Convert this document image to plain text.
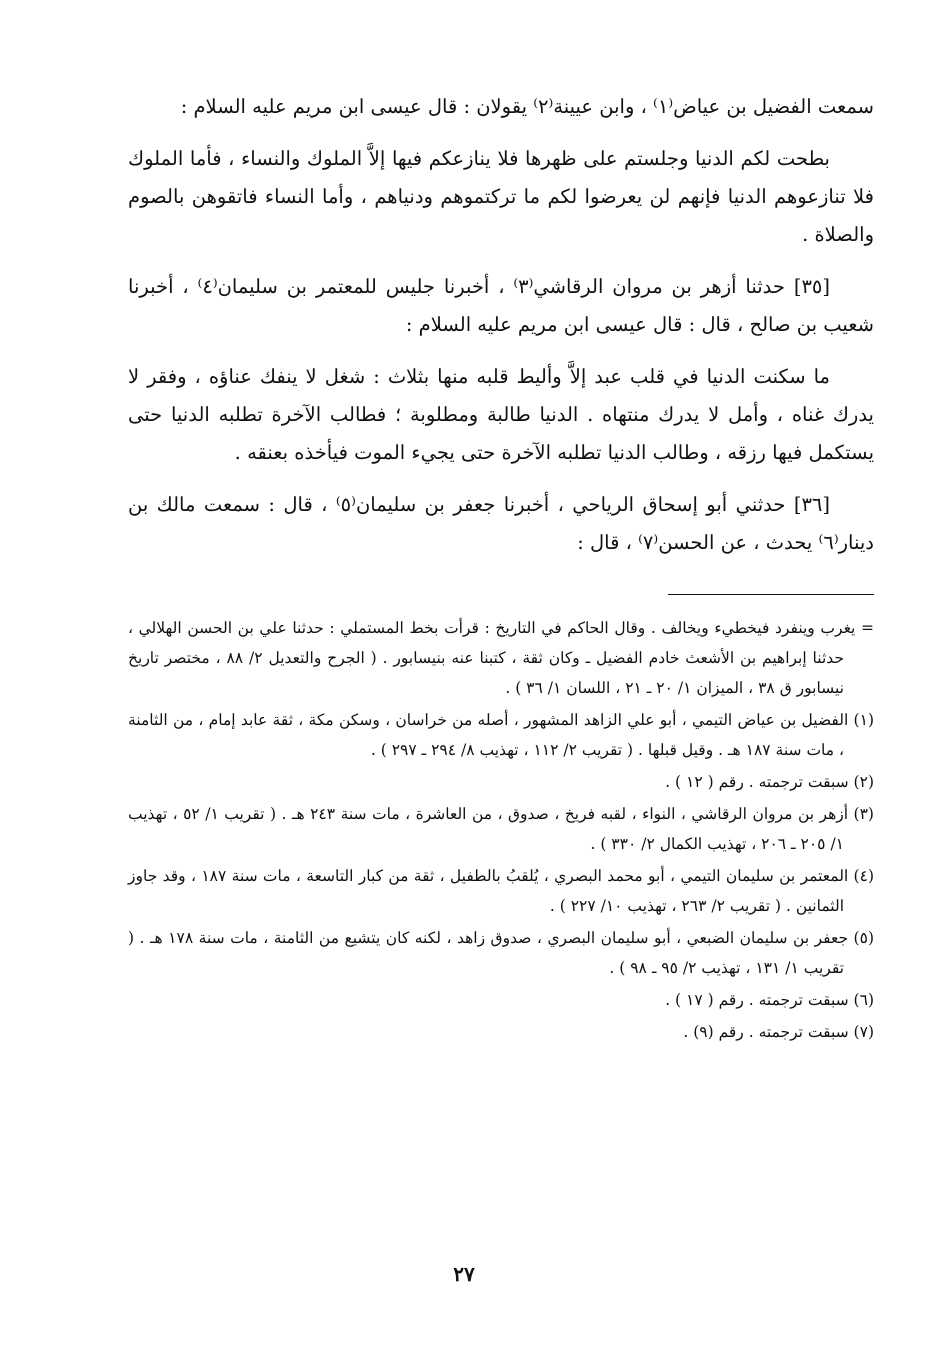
سمعت الفضيل بن عياض⁽١⁾ ، وابن عيينة⁽٢⁾ يقولان : قال عيسى ابن مريم عليه السلام :

بطحت لكم الدنيا وجلستم على ظهرها فلا ينازعكم فيها إلاَّ الملوك والنساء ، فأما الملوك فلا تنازعوهم الدنيا فإنهم لن يعرضوا لكم ما تركتموهم ودنياهم ، وأما النساء فاتقوهن بالصوم والصلاة .

[٣٥] حدثنا أزهر بن مروان الرقاشي⁽٣⁾ ، أخبرنا جليس للمعتمر بن سليمان⁽٤⁾ ، أخبرنا شعيب بن صالح ، قال : قال عيسى ابن مريم عليه السلام :

ما سكنت الدنيا في قلب عبد إلاَّ وأليط قلبه منها بثلاث : شغل لا ينفك عناؤه ، وفقر لا يدرك غناه ، وأمل لا يدرك منتهاه . الدنيا طالبة ومطلوبة ؛ فطالب الآخرة تطلبه الدنيا حتى يستكمل فيها رزقه ، وطالب الدنيا تطلبه الآخرة حتى يجيء الموت فيأخذه بعنقه .

[٣٦] حدثني أبو إسحاق الرياحي ، أخبرنا جعفر بن سليمان⁽٥⁾ ، قال : سمعت مالك بن دينار⁽٦⁾ يحدث ، عن الحسن⁽٧⁾ ، قال :

= يغرب وينفرد فيخطيء ويخالف . وقال الحاكم في التاريخ : قرأت بخط المستملي : حدثنا علي بن الحسن الهلالي ، حدثنا إبراهيم بن الأشعث خادم الفضيل ـ وكان ثقة ، كتبنا عنه بنيسابور . ( الجرح والتعديل ٢/ ٨٨ ، مختصر تاريخ نيسابور ق ٣٨ ، الميزان ١/ ٢٠ ـ ٢١ ، اللسان ١/ ٣٦ ) .

(١) الفضيل بن عياض التيمي ، أبو علي الزاهد المشهور ، أصله من خراسان ، وسكن مكة ، ثقة عابد إمام ، من الثامنة ، مات سنة ١٨٧ هـ . وقيل قبلها . ( تقريب ٢/ ١١٢ ، تهذيب ٨/ ٢٩٤ ـ ٢٩٧ ) .

(٢) سبقت ترجمته . رقم ( ١٢ ) .

(٣) أزهر بن مروان الرقاشي ، النواء ، لقبه فريخ ، صدوق ، من العاشرة ، مات سنة ٢٤٣ هـ . ( تقريب ١/ ٥٢ ، تهذيب ١/ ٢٠٥ ـ ٢٠٦ ، تهذيب الكمال ٢/ ٣٣٠ ) .

(٤) المعتمر بن سليمان التيمي ، أبو محمد البصري ، يُلقبُ بالطفيل ، ثقة من كبار التاسعة ، مات سنة ١٨٧ ، وقد جاوز الثمانين . ( تقريب ٢/ ٢٦٣ ، تهذيب ١٠/ ٢٢٧ ) .

(٥) جعفر بن سليمان الضبعي ، أبو سليمان البصري ، صدوق زاهد ، لكنه كان يتشيع من الثامنة ، مات سنة ١٧٨ هـ . ( تقريب ١/ ١٣١ ، تهذيب ٢/ ٩٥ ـ ٩٨ ) .

(٦) سبقت ترجمته . رقم ( ١٧ ) .

(٧) سبقت ترجمته . رقم (٩) .

٢٧
